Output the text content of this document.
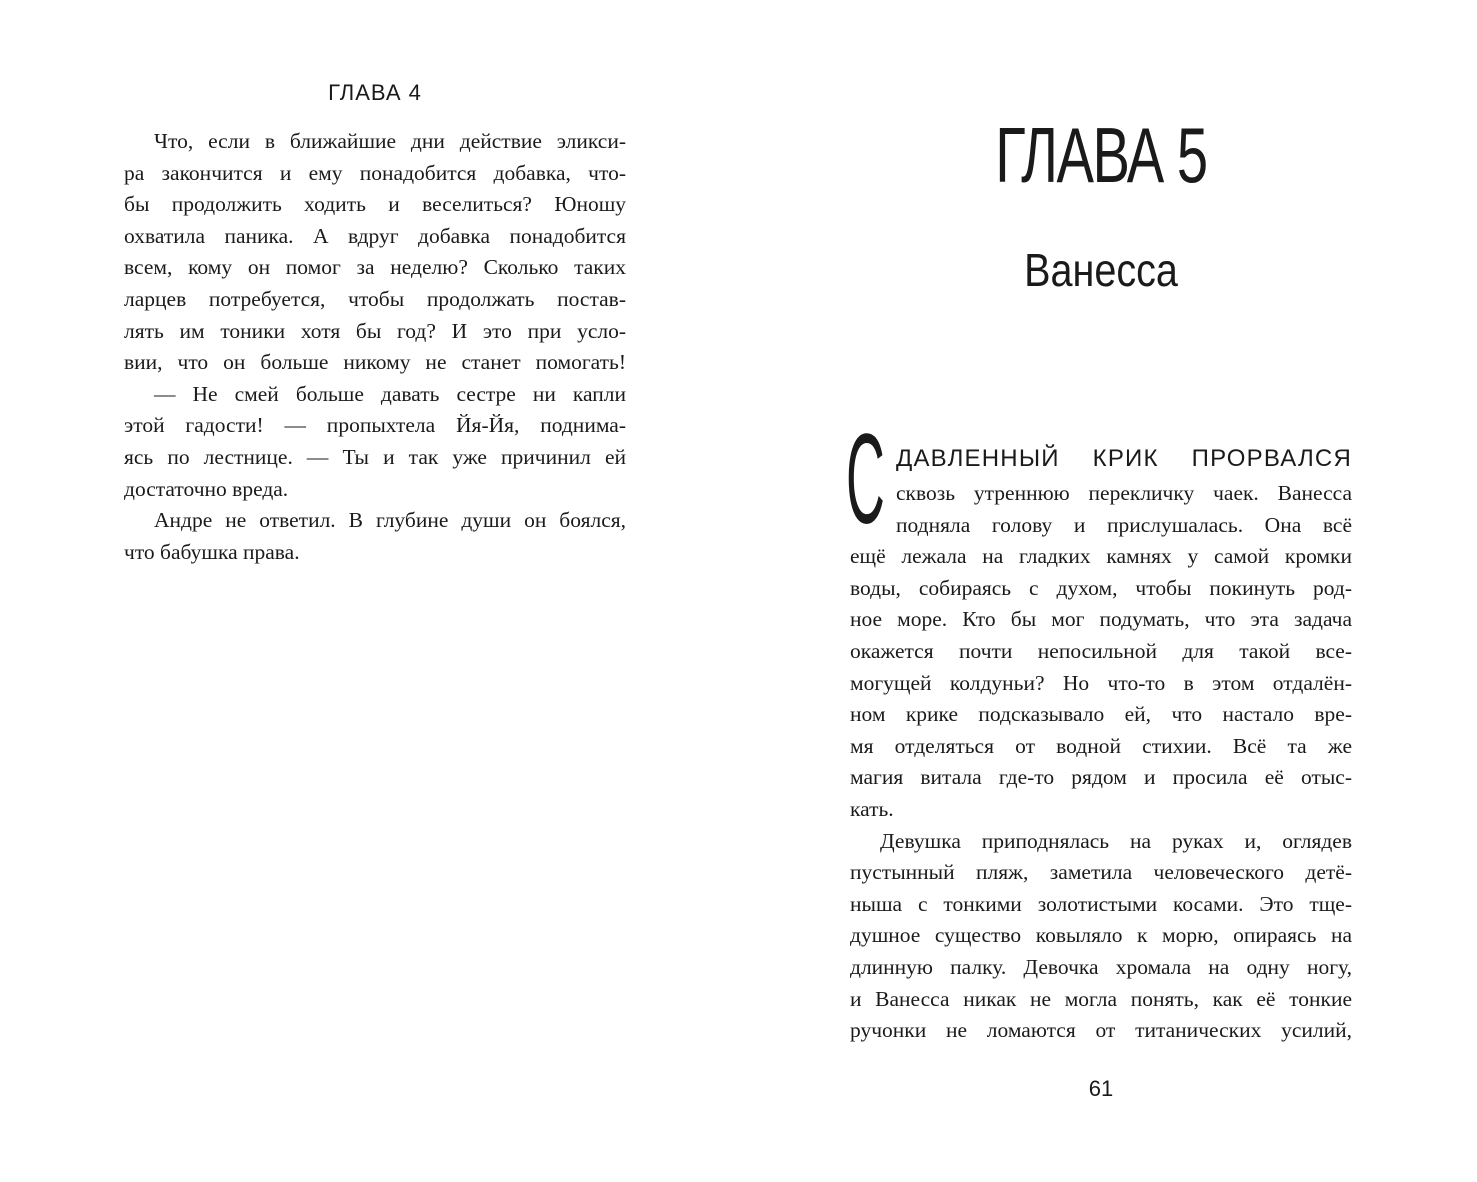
ГЛАВА 4
Что, если в ближайшие дни действие эликси-
ра закончится и ему понадобится добавка, что-
бы продолжить ходить и веселиться? Юношу
охватила паника. А вдруг добавка понадобится
всем, кому он помог за неделю? Сколько таких
ларцев потребуется, чтобы продолжать постав-
лять им тоники хотя бы год? И это при усло-
вии, что он больше никому не станет помогать!
— Не смей больше давать сестре ни капли
этой гадости! — пропыхтела Йя-Йя, поднима-
ясь по лестнице. — Ты и так уже причинил ей
достаточно вреда.
Андре не ответил. В глубине души он боялся,
что бабушка права.
ГЛАВА 5
Ванесса
С ДАВЛЕННЫЙ КРИК ПРОРВАЛСЯ
сквозь утреннюю перекличку чаек. Ванесса
подняла голову и прислушалась. Она всё
ещё лежала на гладких камнях у самой кромки
воды, собираясь с духом, чтобы покинуть род-
ное море. Кто бы мог подумать, что эта задача
окажется почти непосильной для такой все-
могущей колдуньи? Но что-то в этом отдалён-
ном крике подсказывало ей, что настало вре-
мя отделяться от водной стихии. Всё та же
магия витала где-то рядом и просила её отыс-
кать.
Девушка приподнялась на руках и, оглядев
пустынный пляж, заметила человеческого детё-
ныша с тонкими золотистыми косами. Это тще-
душное существо ковыляло к морю, опираясь на
длинную палку. Девочка хромала на одну ногу,
и Ванесса никак не могла понять, как её тонкие
ручонки не ломаются от титанических усилий,
61
